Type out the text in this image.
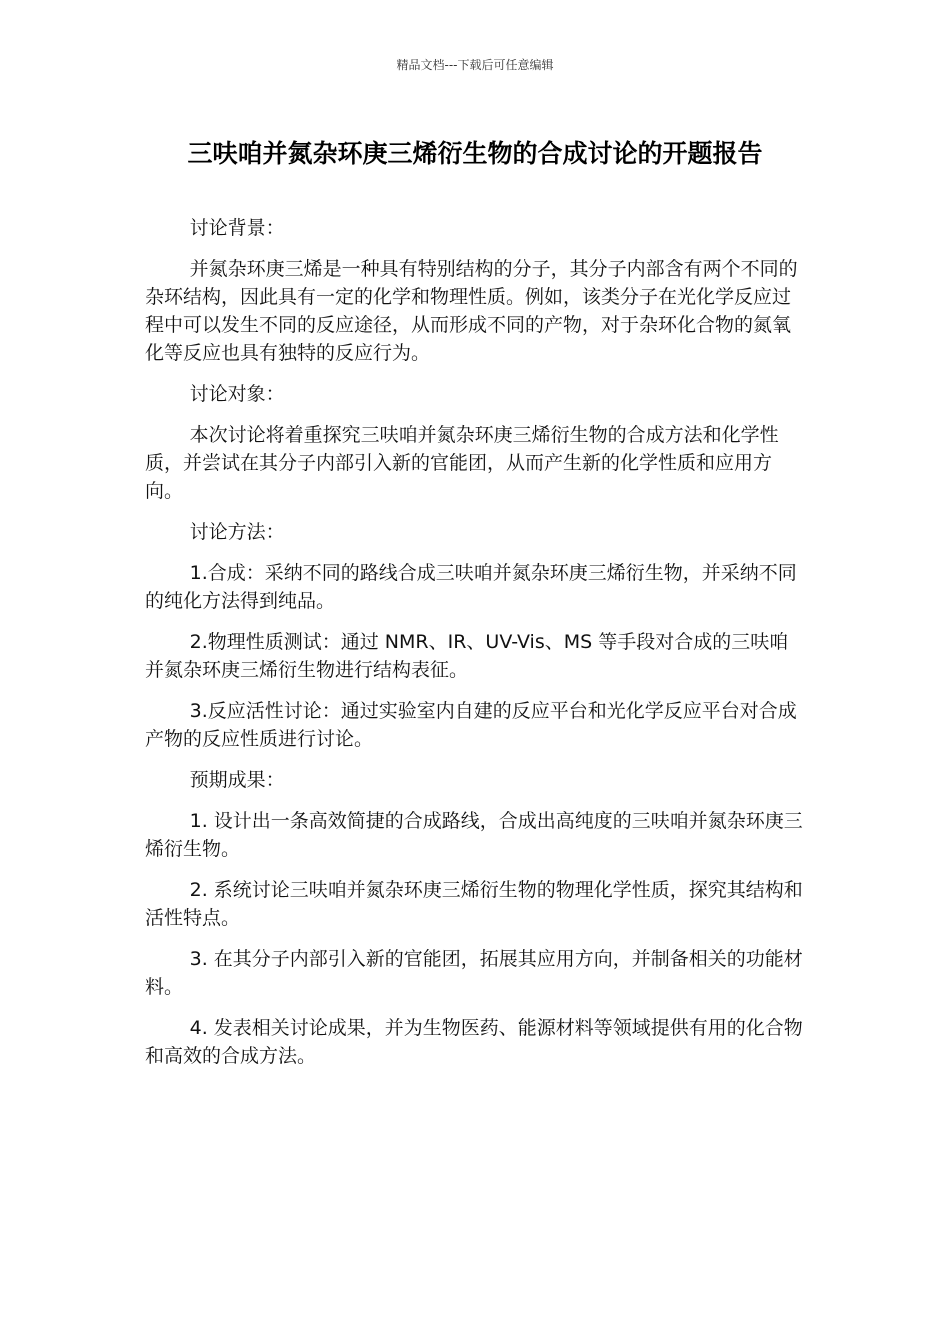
精品文档---下载后可任意编辑
三呋咱并氮杂环庚三烯衍生物的合成讨论的开题报告

讨论背景：

并氮杂环庚三烯是一种具有特别结构的分子，其分子内部含有两个不同的杂环结构，因此具有一定的化学和物理性质。例如，该类分子在光化学反应过程中可以发生不同的反应途径，从而形成不同的产物，对于杂环化合物的氮氧化等反应也具有独特的反应行为。

讨论对象：

本次讨论将着重探究三呋咱并氮杂环庚三烯衍生物的合成方法和化学性质，并尝试在其分子内部引入新的官能团，从而产生新的化学性质和应用方向。

讨论方法：

1.合成：采纳不同的路线合成三呋咱并氮杂环庚三烯衍生物，并采纳不同的纯化方法得到纯品。

2.物理性质测试：通过 NMR、IR、UV-Vis、MS 等手段对合成的三呋咱并氮杂环庚三烯衍生物进行结构表征。

3.反应活性讨论：通过实验室内自建的反应平台和光化学反应平台对合成产物的反应性质进行讨论。

预期成果：

1. 设计出一条高效简捷的合成路线，合成出高纯度的三呋咱并氮杂环庚三烯衍生物。

2. 系统讨论三呋咱并氮杂环庚三烯衍生物的物理化学性质，探究其结构和活性特点。

3. 在其分子内部引入新的官能团，拓展其应用方向，并制备相关的功能材料。

4. 发表相关讨论成果，并为生物医药、能源材料等领域提供有用的化合物和高效的合成方法。
